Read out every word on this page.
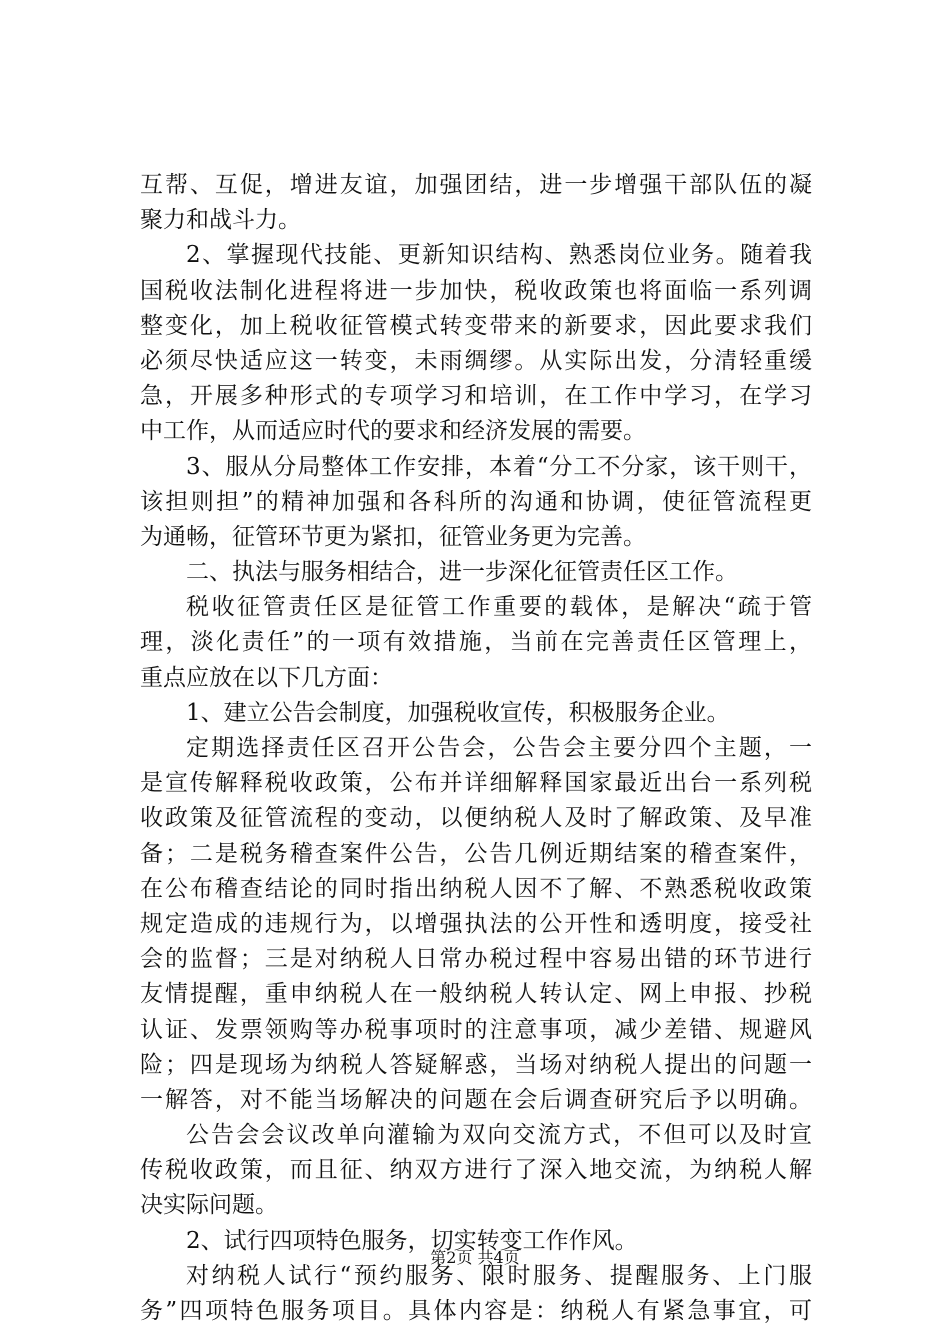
互帮、互促，增进友谊，加强团结，进一步增强干部队伍的凝
聚力和战斗力。
2、掌握现代技能、更新知识结构、熟悉岗位业务。随着我
国税收法制化进程将进一步加快，税收政策也将面临一系列调
整变化，加上税收征管模式转变带来的新要求，因此要求我们
必须尽快适应这一转变，未雨绸缪。从实际出发，分清轻重缓
急，开展多种形式的专项学习和培训，在工作中学习，在学习
中工作，从而适应时代的要求和经济发展的需要。
3、服从分局整体工作安排，本着“分工不分家，该干则干，
该担则担”的精神加强和各科所的沟通和协调，使征管流程更
为通畅，征管环节更为紧扣，征管业务更为完善。
二、执法与服务相结合，进一步深化征管责任区工作。
税收征管责任区是征管工作重要的载体，是解决“疏于管
理，淡化责任”的一项有效措施，当前在完善责任区管理上，
重点应放在以下几方面：
1、建立公告会制度，加强税收宣传，积极服务企业。
定期选择责任区召开公告会，公告会主要分四个主题，一
是宣传解释税收政策，公布并详细解释国家最近出台一系列税
收政策及征管流程的变动，以便纳税人及时了解政策、及早准
备；二是税务稽查案件公告，公告几例近期结案的稽查案件，
在公布稽查结论的同时指出纳税人因不了解、不熟悉税收政策
规定造成的违规行为，以增强执法的公开性和透明度，接受社
会的监督；三是对纳税人日常办税过程中容易出错的环节进行
友情提醒，重申纳税人在一般纳税人转认定、网上申报、抄税
认证、发票领购等办税事项时的注意事项，减少差错、规避风
险；四是现场为纳税人答疑解惑，当场对纳税人提出的问题一
一解答，对不能当场解决的问题在会后调查研究后予以明确。
公告会会议改单向灌输为双向交流方式，不但可以及时宣
传税收政策，而且征、纳双方进行了深入地交流，为纳税人解
决实际问题。
2、试行四项特色服务，切实转变工作作风。
对纳税人试行“预约服务、限时服务、提醒服务、上门服
务”四项特色服务项目。具体内容是：纳税人有紧急事宜，可
第2页 共4页
